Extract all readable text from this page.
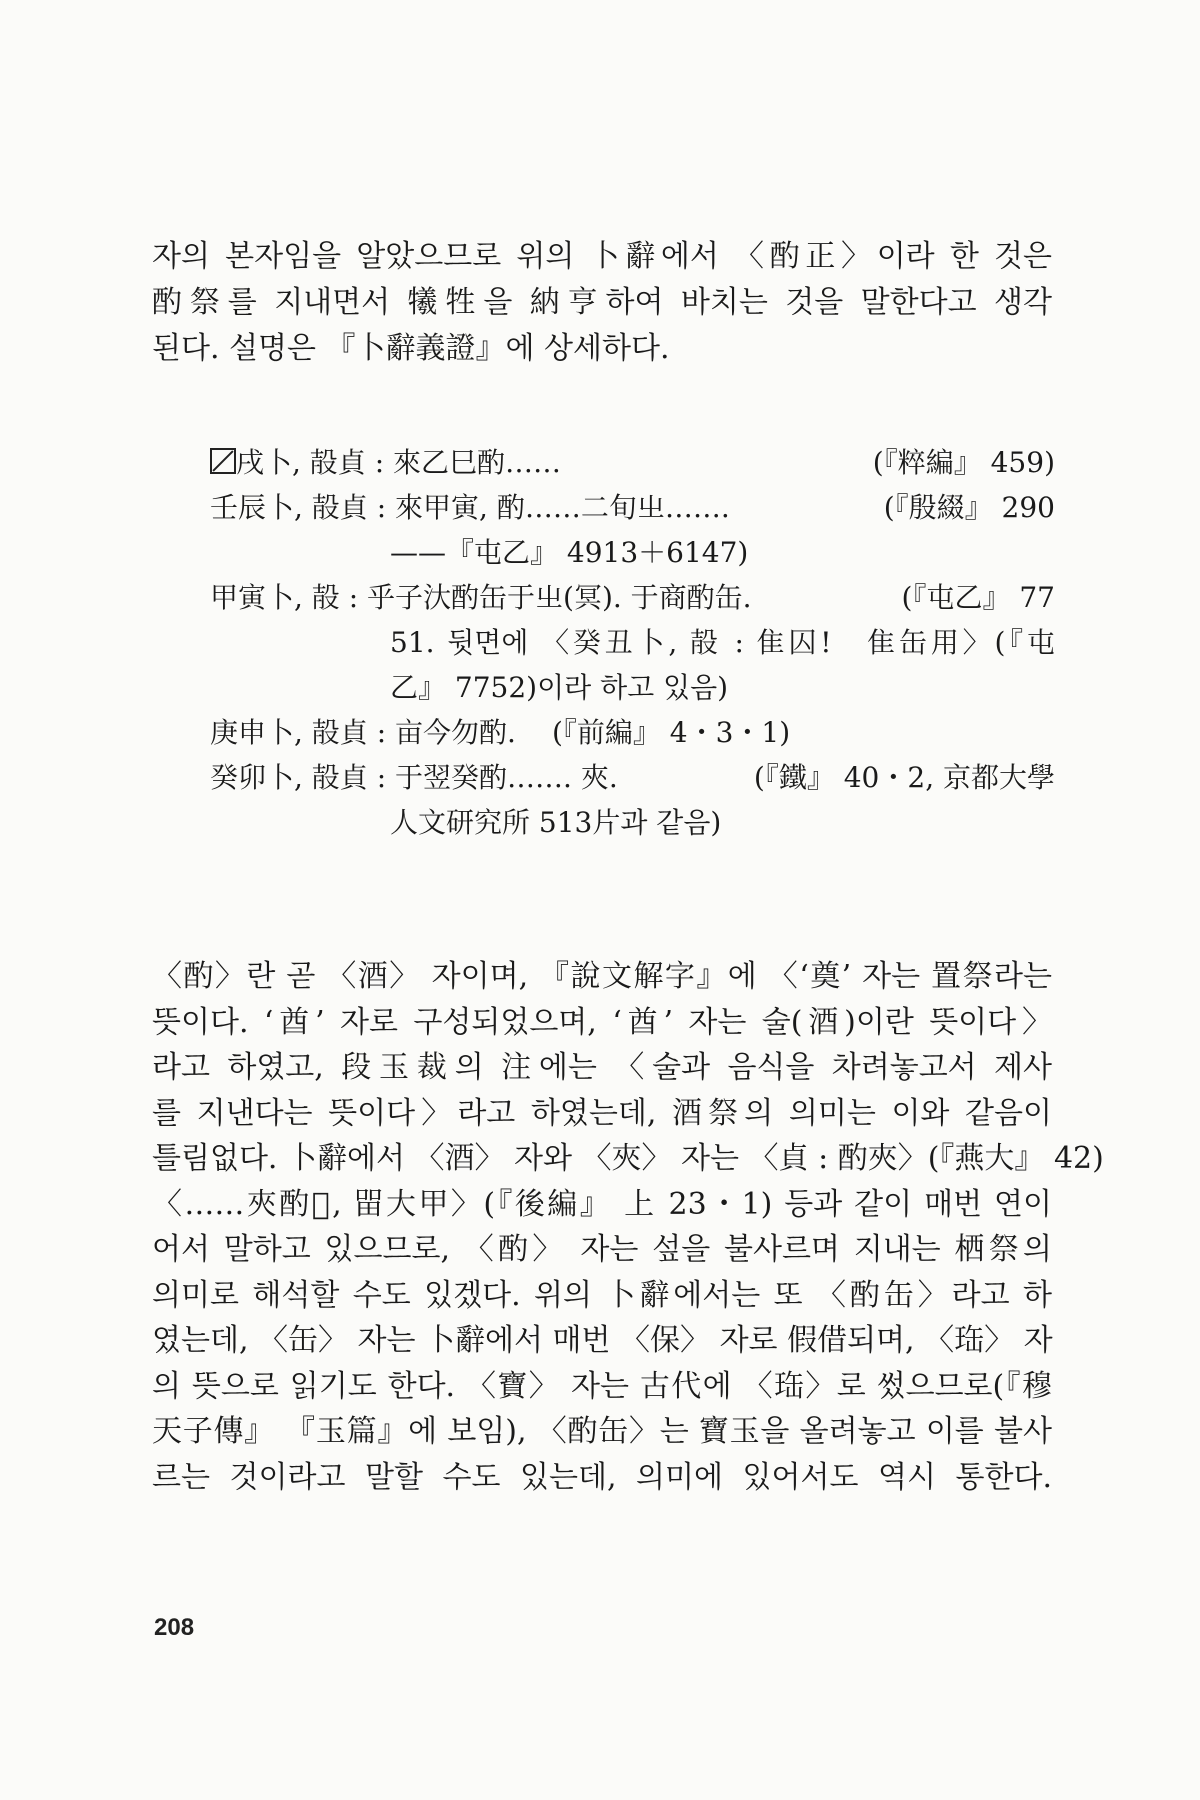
자의 본자임을 알았으므로 위의 卜辭에서 〈酌正〉이라 한 것은
酌祭를 지내면서 犧牲을 納亨하여 바치는 것을 말한다고 생각
된다. 설명은 『卜辭義證』에 상세하다.
戌卜, 㱿貞 : 來乙巳酌……	(『粹編』 459)
壬辰卜, 㱿貞 : 來甲寅, 酌……二旬㞢…….	(『殷綴』 290
——『屯乙』 4913＋6147)
甲寅卜, 㱿 : 乎子汏酌缶于㞢(冥). 于商酌缶.	(『屯乙』 77
51. 뒷면에 〈癸丑卜, 㱿 : 隹囚!　隹缶用〉(『屯
乙』 7752)이라 하고 있음)
庚申卜, 㱿貞 : 亩今勿酌. (『前編』 4・3・1)
癸卯卜, 㱿貞 : 于翌癸酌……. 夾.	(『鐵』 40・2, 京都大學
人文研究所 513片과 같음)
〈酌〉란 곧 〈酒〉 자이며, 『說文解字』에 〈‘奠’ 자는 置祭라는
뜻이다. ‘酋’ 자로 구성되었으며, ‘酋’ 자는 술(酒)이란 뜻이다〉
라고 하였고, 段玉裁의 注에는 〈술과 음식을 차려놓고서 제사
를 지낸다는 뜻이다〉라고 하였는데, 酒祭의 의미는 이와 같음이
틀림없다. 卜辭에서 〈酒〉 자와 〈夾〉 자는 〈貞 : 酌夾〉(『燕大』 42)
〈……夾酌𦎫, 㽞大甲〉(『後編』 上 23・1) 등과 같이 매번 연이
어서 말하고 있으므로, 〈酌〉 자는 섶을 불사르며 지내는 栖祭의
의미로 해석할 수도 있겠다. 위의 卜辭에서는 또 〈酌缶〉라고 하
였는데, 〈缶〉 자는 卜辭에서 매번 〈保〉 자로 假借되며, 〈珤〉 자
의 뜻으로 읽기도 한다. 〈寶〉 자는 古代에 〈珤〉로 썼으므로(『穆
天子傳』 『玉篇』에 보임), 〈酌缶〉는 寶玉을 올려놓고 이를 불사
르는 것이라고 말할 수도 있는데, 의미에 있어서도 역시 통한다.
208
